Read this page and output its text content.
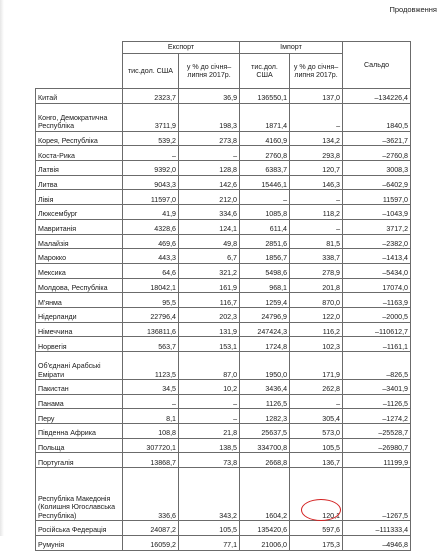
Продовження
	Експорт		Імпорт		Сальдо
	тис.дол. США	у % до січня–липня 2017р.	тис.дол. США	у % до січня–липня 2017р.	
Китай	2323,7	36,9	136550,1	137,0	–134226,4
Конго, Демократична Республіка	3711,9	198,3	1871,4	–	1840,5
Корея, Республіка	539,2	273,8	4160,9	134,2	–3621,7
Коста-Рика	–	–	2760,8	293,8	–2760,8
Латвія	9392,0	128,8	6383,7	120,7	3008,3
Литва	9043,3	142,6	15446,1	146,3	–6402,9
Лівія	11597,0	212,0	–	–	11597,0
Люксембург	41,9	334,6	1085,8	118,2	–1043,9
Мавританія	4328,6	124,1	611,4	–	3717,2
Малайзія	469,6	49,8	2851,6	81,5	–2382,0
Марокко	443,3	6,7	1856,7	338,7	–1413,4
Мексика	64,6	321,2	5498,6	278,9	–5434,0
Молдова, Республіка	18042,1	161,9	968,1	201,8	17074,0
М'янма	95,5	116,7	1259,4	870,0	–1163,9
Нідерланди	22796,4	202,3	24796,9	122,0	–2000,5
Німеччина	136811,6	131,9	247424,3	116,2	–110612,7
Норвегія	563,7	153,1	1724,8	102,3	–1161,1
Об'єднані Арабські Емірати	1123,5	87,0	1950,0	171,9	–826,5
Пакистан	34,5	10,2	3436,4	262,8	–3401,9
Панама	–	–	1126,5	–	–1126,5
Перу	8,1	–	1282,3	305,4	–1274,2
Південна Африка	108,8	21,8	25637,5	573,0	–25528,7
Польща	307720,1	138,5	334700,8	105,5	–26980,7
Португалія	13868,7	73,8	2668,8	136,7	11199,9
Республіка Македонія (Колишня Югославська Республіка)	336,6	343,2	1604,2	120,1	–1267,5
Російська Федерація	24087,2	105,5	135420,6	597,6	–111333,4
Румунія	16059,2	77,1	21006,0	175,3	–4946,8
